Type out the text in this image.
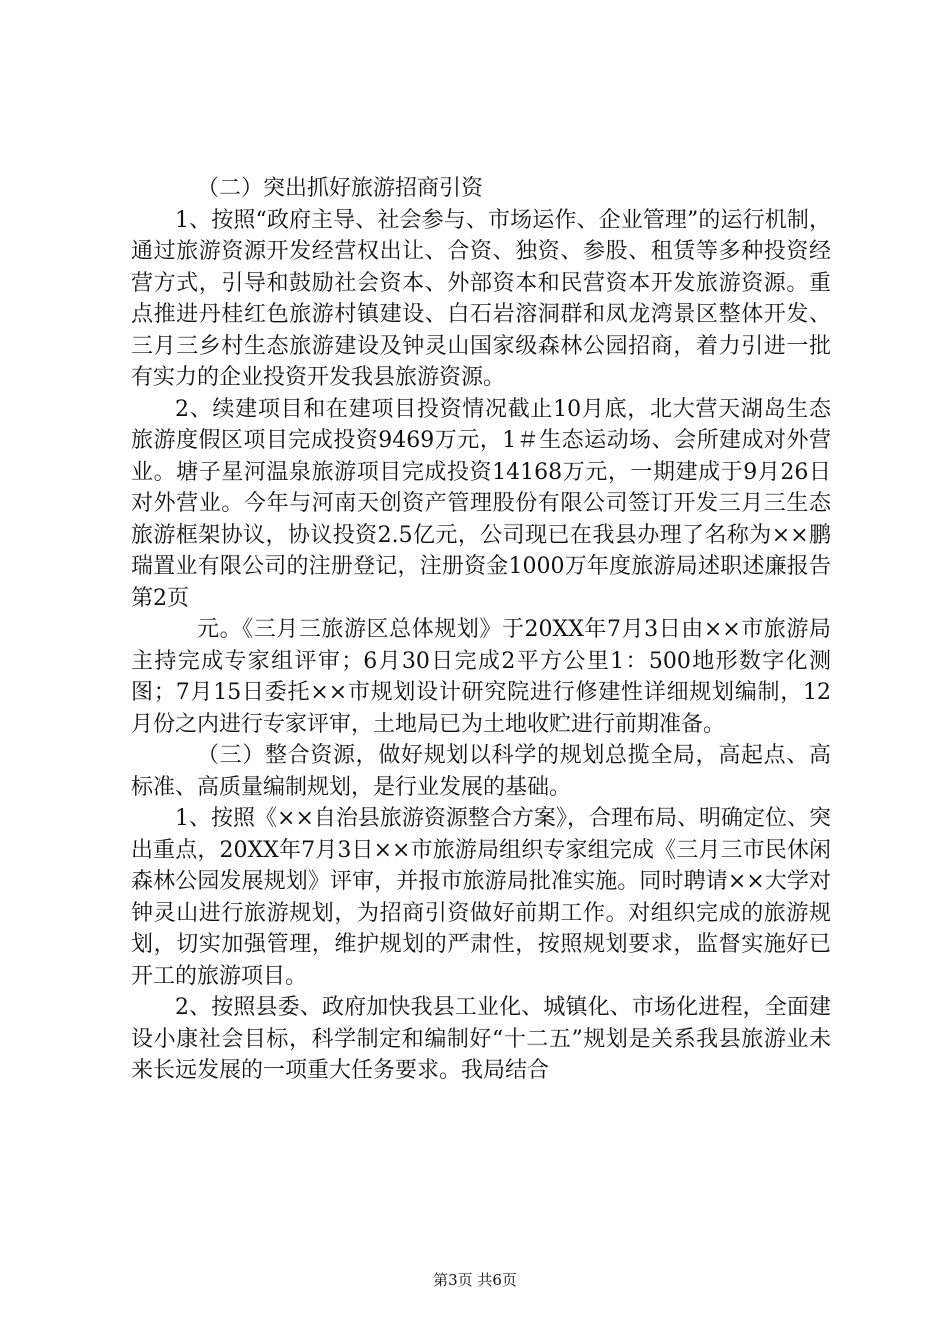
（二）突出抓好旅游招商引资

1、按照“政府主导、社会参与、市场运作、企业管理”的运行机制，通过旅游资源开发经营权出让、合资、独资、参股、租赁等多种投资经营方式，引导和鼓励社会资本、外部资本和民营资本开发旅游资源。重点推进丹桂红色旅游村镇建设、白石岩溶洞群和凤龙湾景区整体开发、三月三乡村生态旅游建设及钟灵山国家级森林公园招商，着力引进一批有实力的企业投资开发我县旅游资源。

2、续建项目和在建项目投资情况截止10月底，北大营天湖岛生态旅游度假区项目完成投资9469万元，1＃生态运动场、会所建成对外营业。塘子星河温泉旅游项目完成投资14168万元，一期建成于9月26日对外营业。今年与河南天创资产管理股份有限公司签订开发三月三生态旅游框架协议，协议投资2.5亿元，公司现已在我县办理了名称为××鹏瑞置业有限公司的注册登记，注册资金1000万年度旅游局述职述廉报告第2页

元。《三月三旅游区总体规划》于20XX年7月3日由××市旅游局主持完成专家组评审；6月30日完成2平方公里1：500地形数字化测图；7月15日委托××市规划设计研究院进行修建性详细规划编制，12月份之内进行专家评审，土地局已为土地收贮进行前期准备。

（三）整合资源，做好规划以科学的规划总揽全局，高起点、高标准、高质量编制规划，是行业发展的基础。

1、按照《××自治县旅游资源整合方案》，合理布局、明确定位、突出重点，20XX年7月3日××市旅游局组织专家组完成《三月三市民休闲森林公园发展规划》评审，并报市旅游局批准实施。同时聘请××大学对钟灵山进行旅游规划，为招商引资做好前期工作。对组织完成的旅游规划，切实加强管理，维护规划的严肃性，按照规划要求，监督实施好已开工的旅游项目。

2、按照县委、政府加快我县工业化、城镇化、市场化进程，全面建设小康社会目标，科学制定和编制好“十二五”规划是关系我县旅游业未来长远发展的一项重大任务要求。我局结合

第3页 共6页
